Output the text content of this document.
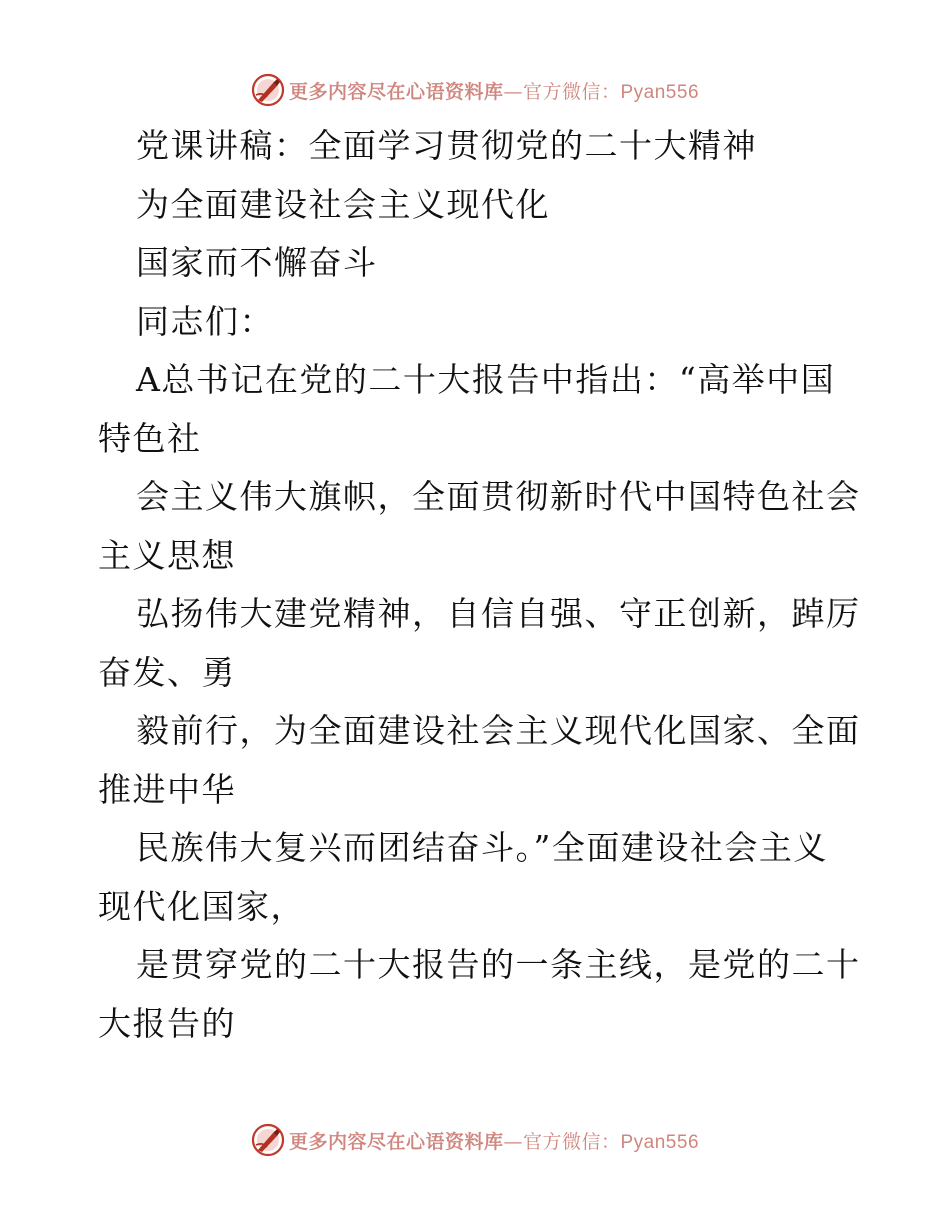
更多内容尽在心语资料库—官方微信：Pyan556
党课讲稿：全面学习贯彻党的二十大精神
为全面建设社会主义现代化
国家而不懈奋斗
同志们：
A总书记在党的二十大报告中指出：“高举中国
特色社
会主义伟大旗帜，全面贯彻新时代中国特色社会
主义思想
弘扬伟大建党精神，自信自强、守正创新，踔厉
奋发、勇
毅前行，为全面建设社会主义现代化国家、全面
推进中华
民族伟大复兴而团结奋斗。”全面建设社会主义
现代化国家，
是贯穿党的二十大报告的一条主线，是党的二十
大报告的
更多内容尽在心语资料库—官方微信：Pyan556
